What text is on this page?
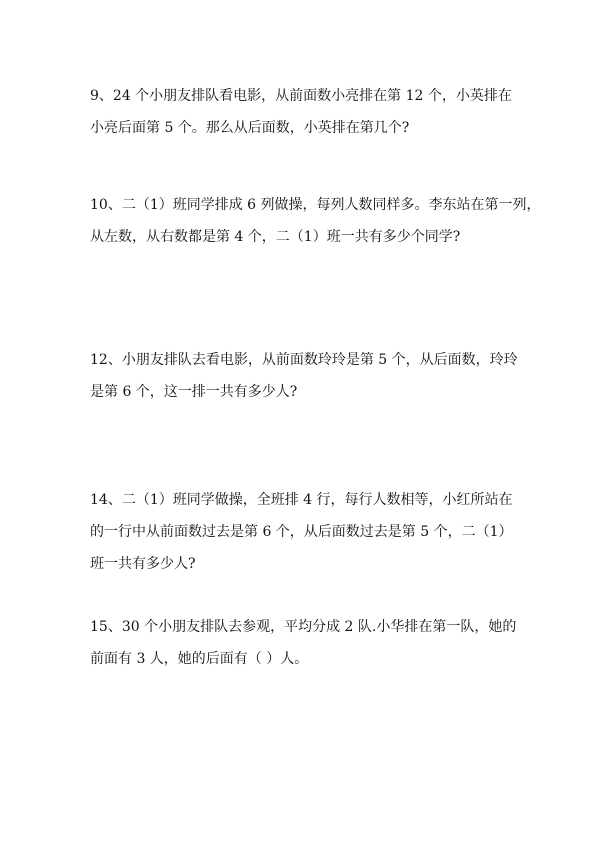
9、24 个小朋友排队看电影，从前面数小亮排在第 12 个，小英排在
小亮后面第 5 个。那么从后面数，小英排在第几个?
10、二（1）班同学排成 6 列做操，每列人数同样多。李东站在第一列，
从左数，从右数都是第 4 个，二（1）班一共有多少个同学?
12、小朋友排队去看电影，从前面数玲玲是第 5 个，从后面数，玲玲
是第 6 个，这一排一共有多少人?
14、二（1）班同学做操，全班排 4 行，每行人数相等，小红所站在
的一行中从前面数过去是第 6 个，从后面数过去是第 5 个，二（1）
班一共有多少人?
15、30 个小朋友排队去参观，平均分成 2 队.小华排在第一队，她的
前面有 3 人，她的后面有（ ）人。
